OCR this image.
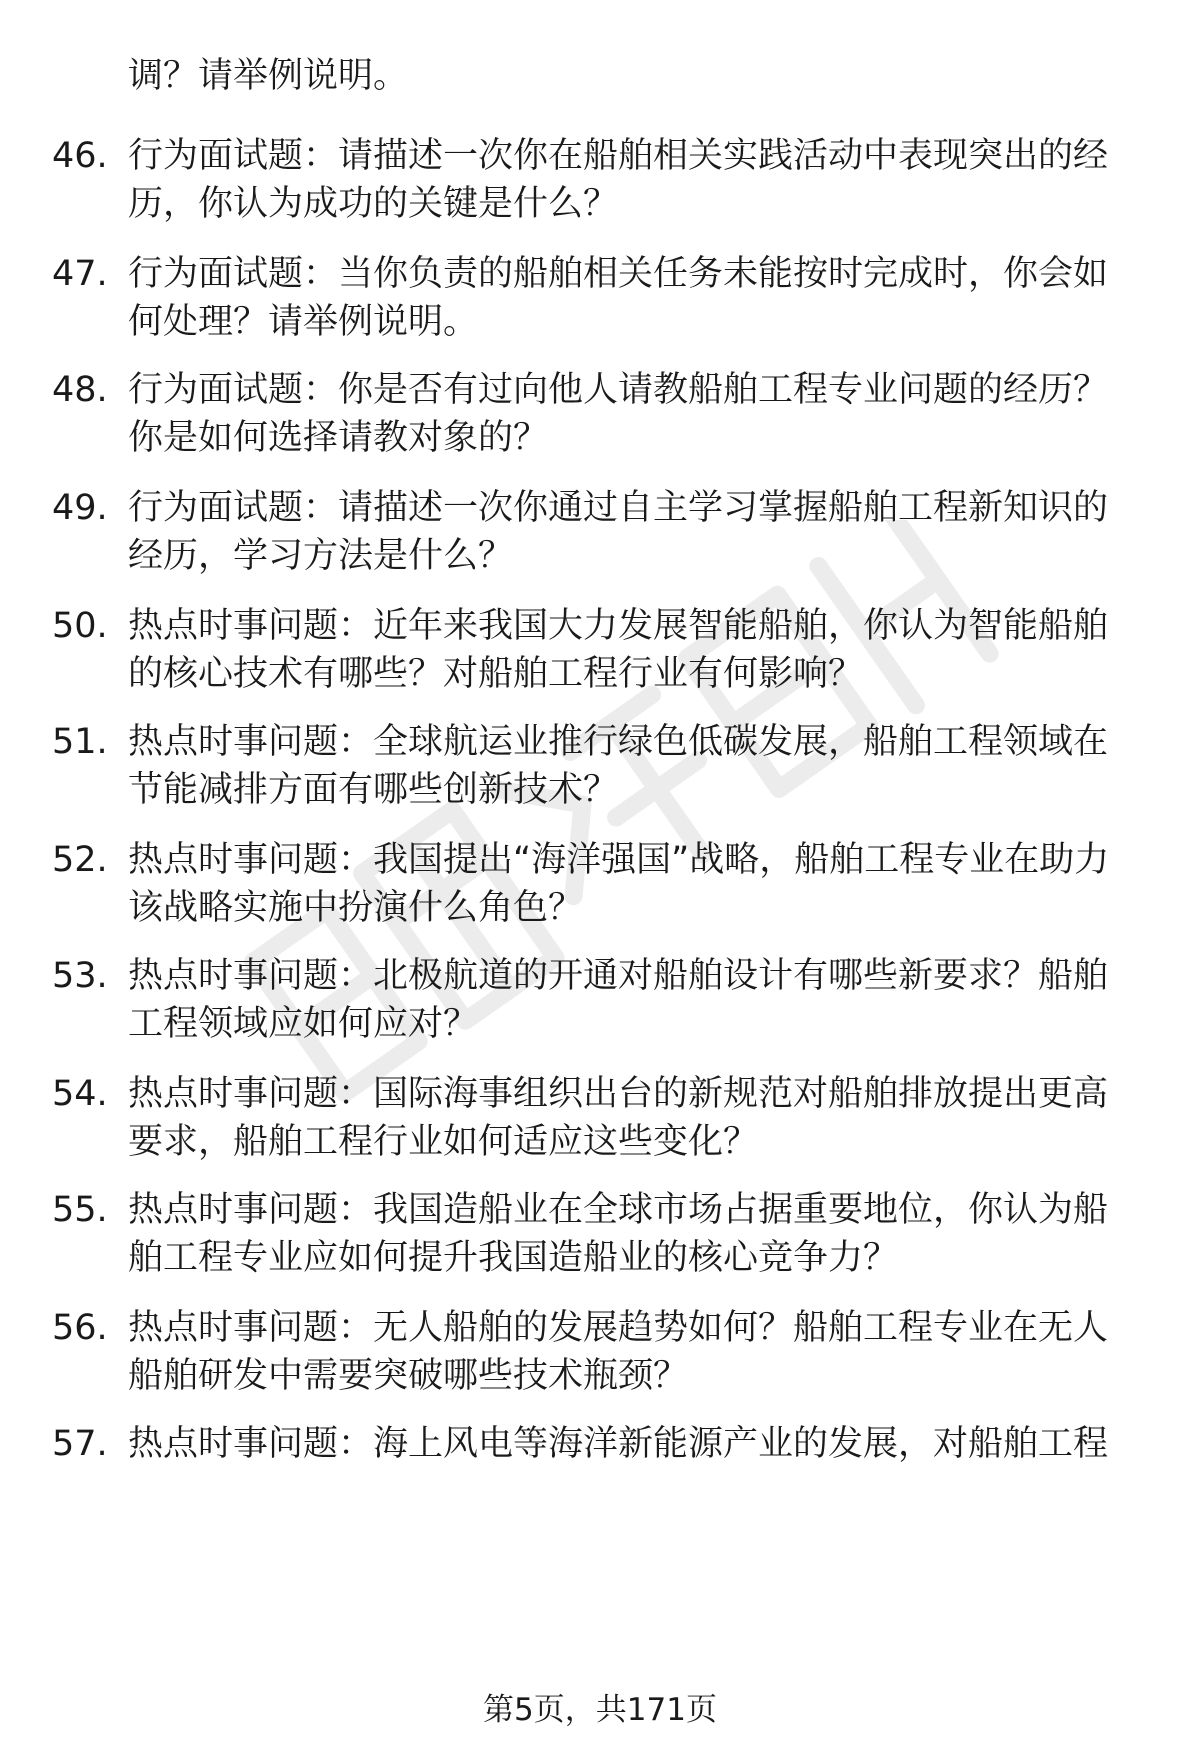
调？请举例说明。

46. 行为面试题：请描述一次你在船舶相关实践活动中表现突出的经历，你认为成功的关键是什么？
47. 行为面试题：当你负责的船舶相关任务未能按时完成时，你会如何处理？请举例说明。
48. 行为面试题：你是否有过向他人请教船舶工程专业问题的经历？你是如何选择请教对象的？
49. 行为面试题：请描述一次你通过自主学习掌握船舶工程新知识的经历，学习方法是什么？
50. 热点时事问题：近年来我国大力发展智能船舶，你认为智能船舶的核心技术有哪些？对船舶工程行业有何影响？
51. 热点时事问题：全球航运业推行绿色低碳发展，船舶工程领域在节能减排方面有哪些创新技术？
52. 热点时事问题：我国提出“海洋强国”战略，船舶工程专业在助力该战略实施中扮演什么角色？
53. 热点时事问题：北极航道的开通对船舶设计有哪些新要求？船舶工程领域应如何应对？
54. 热点时事问题：国际海事组织出台的新规范对船舶排放提出更高要求，船舶工程行业如何适应这些变化？
55. 热点时事问题：我国造船业在全球市场占据重要地位，你认为船舶工程专业应如何提升我国造船业的核心竞争力？
56. 热点时事问题：无人船舶的发展趋势如何？船舶工程专业在无人船舶研发中需要突破哪些技术瓶颈？
57. 热点时事问题：海上风电等海洋新能源产业的发展，对船舶工程
第5页，共171页
